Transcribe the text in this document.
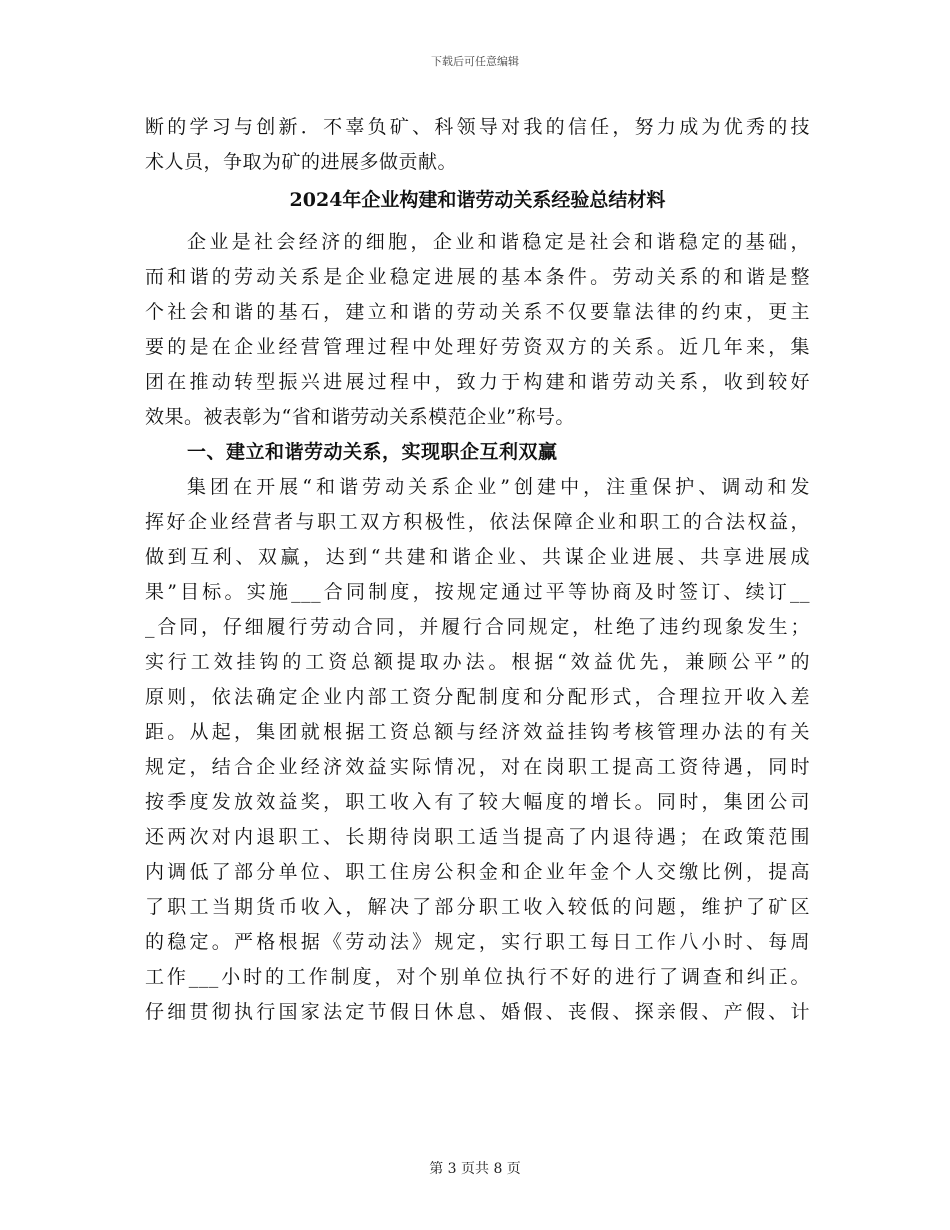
下载后可任意编辑
断的学习与创新．不辜负矿、科领导对我的信任，努力成为优秀的技
术人员，争取为矿的进展多做贡献。
2024年企业构建和谐劳动关系经验总结材料
企业是社会经济的细胞，企业和谐稳定是社会和谐稳定的基础，
而和谐的劳动关系是企业稳定进展的基本条件。劳动关系的和谐是整
个社会和谐的基石，建立和谐的劳动关系不仅要靠法律的约束，更主
要的是在企业经营管理过程中处理好劳资双方的关系。近几年来，集
团在推动转型振兴进展过程中，致力于构建和谐劳动关系，收到较好
效果。被表彰为“省和谐劳动关系模范企业”称号。
一、建立和谐劳动关系，实现职企互利双赢
集团在开展“和谐劳动关系企业”创建中，注重保护、调动和发
挥好企业经营者与职工双方积极性，依法保障企业和职工的合法权益，
做到互利、双赢，达到“共建和谐企业、共谋企业进展、共享进展成
果”目标。实施___合同制度，按规定通过平等协商及时签订、续订__
_合同，仔细履行劳动合同，并履行合同规定，杜绝了违约现象发生；
实行工效挂钩的工资总额提取办法。根据“效益优先，兼顾公平”的
原则，依法确定企业内部工资分配制度和分配形式，合理拉开收入差
距。从起，集团就根据工资总额与经济效益挂钩考核管理办法的有关
规定，结合企业经济效益实际情况，对在岗职工提高工资待遇，同时
按季度发放效益奖，职工收入有了较大幅度的增长。同时，集团公司
还两次对内退职工、长期待岗职工适当提高了内退待遇；在政策范围
内调低了部分单位、职工住房公积金和企业年金个人交缴比例，提高
了职工当期货币收入，解决了部分职工收入较低的问题，维护了矿区
的稳定。严格根据《劳动法》规定，实行职工每日工作八小时、每周
工作___小时的工作制度，对个别单位执行不好的进行了调查和纠正。
仔细贯彻执行国家法定节假日休息、婚假、丧假、探亲假、产假、计
第 3 页共 8 页
